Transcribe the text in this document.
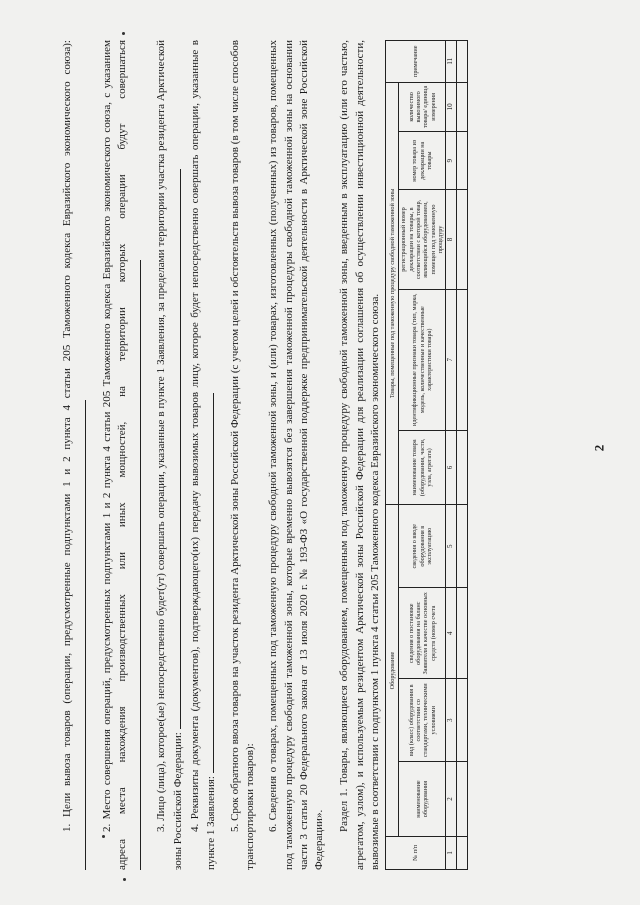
2

1. Цели вывоза товаров (операции, предусмотренные подпунктами 1 и 2 пункта 4 статьи 205 Таможенного кодекса Евразийского экономического союза):	2. Место совершения операций, предусмотренных подпунктами 1 и 2 пункта 4 статьи 205 Таможенного кодекса Евразийского экономического союза, с указанием адреса места нахождения производственных или иных мощностей, на территории которых операции будут совершаться	3. Лицо (лица), которое(ые) непосредственно будет(ут) совершать операции, указанные в пункте 1 Заявления, за пределами территории участка резидента Арктической зоны Российской Федерации: 4. Реквизиты документа (документов), подтверждающего(их) передачу вывозимых товаров лицу, которое будет непосредственно совершать операции, указанные в пункте 1 Заявления: 5. Срок обратного ввоза товаров на участок резидента Арктической зоны Российской Федерации (с учетом целей и обстоятельств вывоза товаров (в том числе способов транспортировки товаров): 6. Сведения о товарах, помещенных под таможенную процедуру свободной таможенной зоны, и (или) товарах, изготовленных (полученных) из товаров, помещенных под таможенную процедуру свободной таможенной зоны, которые временно вывозятся без завершения таможенной процедуры свободной таможенной зоны на основании части 3 статьи 20 Федерального закона от 13 июля 2020 г. № 193-ФЗ «О государственной поддержке предпринимательской деятельности в Арктической зоне Российской Федерации».

Раздел 1. Товары, являющиеся оборудованием, помещенным под таможенную процедуру свободной таможенной зоны, введенным в эксплуатацию (или его частью, агрегатом, узлом), и используемым резидентом Арктической зоны Российской Федерации для реализации соглашения об осуществлении инвестиционной деятельности, вывозимые в соответствии с подпунктом 1 пункта 4 статьи 205 Таможенного кодекса Евразийского экономического союза.	№ п/п	Оборудование				Товары, помещенные под таможенную процедуру свободной таможенной зоны					примечание
	наименование оборудования	вид (класс) оборудования в соответствии со стандартами, техническими условиями	сведения о постановке оборудования на баланс Заявителя в качестве основных средств (номер счета	сведения о вводе оборудования в эксплуатацию	наименование товара (оборудования, части, узла, агрегата)	идентификационные признаки товара (тип, марка, модель, количественные и качественные характеристики товара)	регистрационный номер декларации на товары, в соответствии с которой товар, являющийся оборудованием, помещен под таможенную процедуру	номер товара из декларации на товары	количество вывозимого товара/ единица измерения	
1	2	3	4	5	6	7	8	9	10	11
